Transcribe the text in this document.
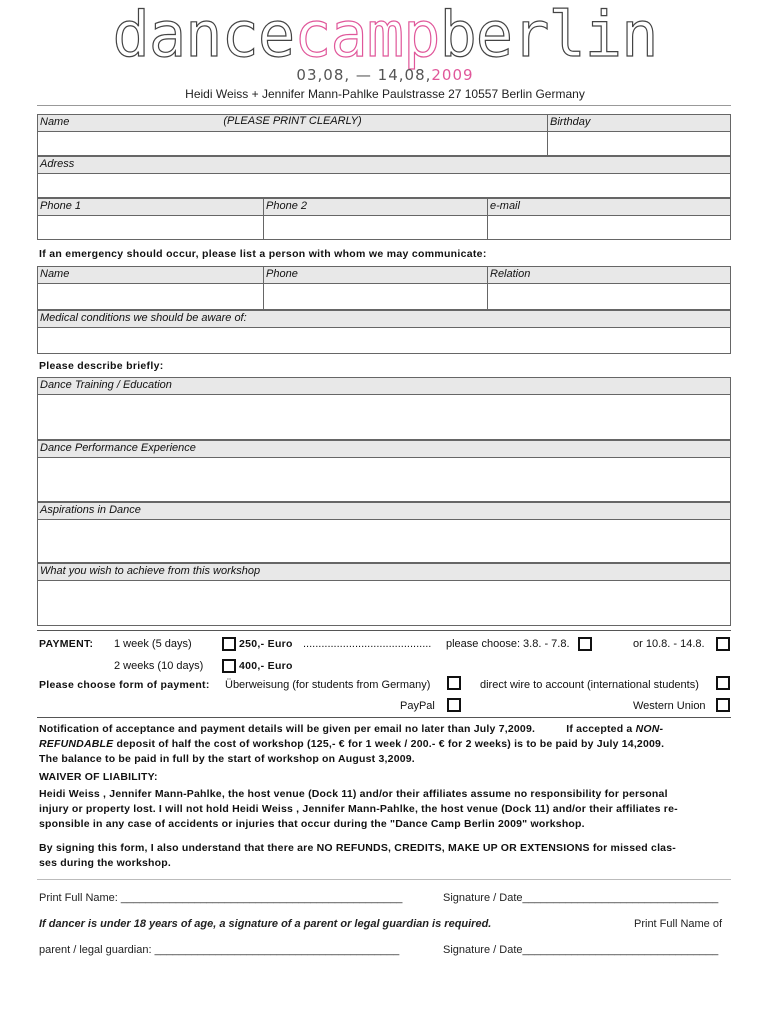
dancecampberlin
03,08, — 14,08,2009
Heidi Weiss + Jennifer Mann-Pahlke Paulstrasse 27 10557 Berlin Germany
Name	(PLEASE PRINT CLEARLY)	Birthday
Adress
Phone 1	Phone 2	e-mail
If an emergency should occur, please list a person with whom we may communicate:
Name	Phone	Relation
Medical conditions we should be aware of:
Please describe briefly:
Dance Training / Education
Dance Performance Experience
Aspirations in Dance
What you wish to achieve from this workshop
PAYMENT: 1 week (5 days)	250,- Euro .......................................... please choose: 3.8. - 7.8.	or 10.8. - 14.8.
2 weeks (10 days)	400,- Euro
Please choose form of payment: Überweisung (for students from Germany)	direct wire to account (international students)
PayPal	Western Union
Notification of acceptance and payment details will be given per email no later than July 7,2009.	If accepted a NON-
REFUNDABLE deposit of half the cost of workshop (125,- € for 1 week / 200.- € for 2 weeks) is to be paid by July 14,2009.
The balance to be paid in full by the start of workshop on August 3,2009.
WAIVER OF LIABILITY:
Heidi Weiss , Jennifer Mann-Pahlke, the host venue (Dock 11) and/or their affiliates assume no responsibility for personal
injury or property lost. I will not hold Heidi Weiss , Jennifer Mann-Pahlke, the host venue (Dock 11) and/or their affiliates re-
sponsible in any case of accidents or injuries that occur during the "Dance Camp Berlin 2009" workshop.
By signing this form, I also understand that there are NO REFUNDS, CREDITS, MAKE UP OR EXTENSIONS for missed clas-
ses during the workshop.
Print Full Name: ______________________________________________	Signature / Date________________________________
If dancer is under 18 years of age, a signature of a parent or legal guardian is required.	Print Full Name of
parent / legal guardian: ________________________________________	Signature / Date________________________________
